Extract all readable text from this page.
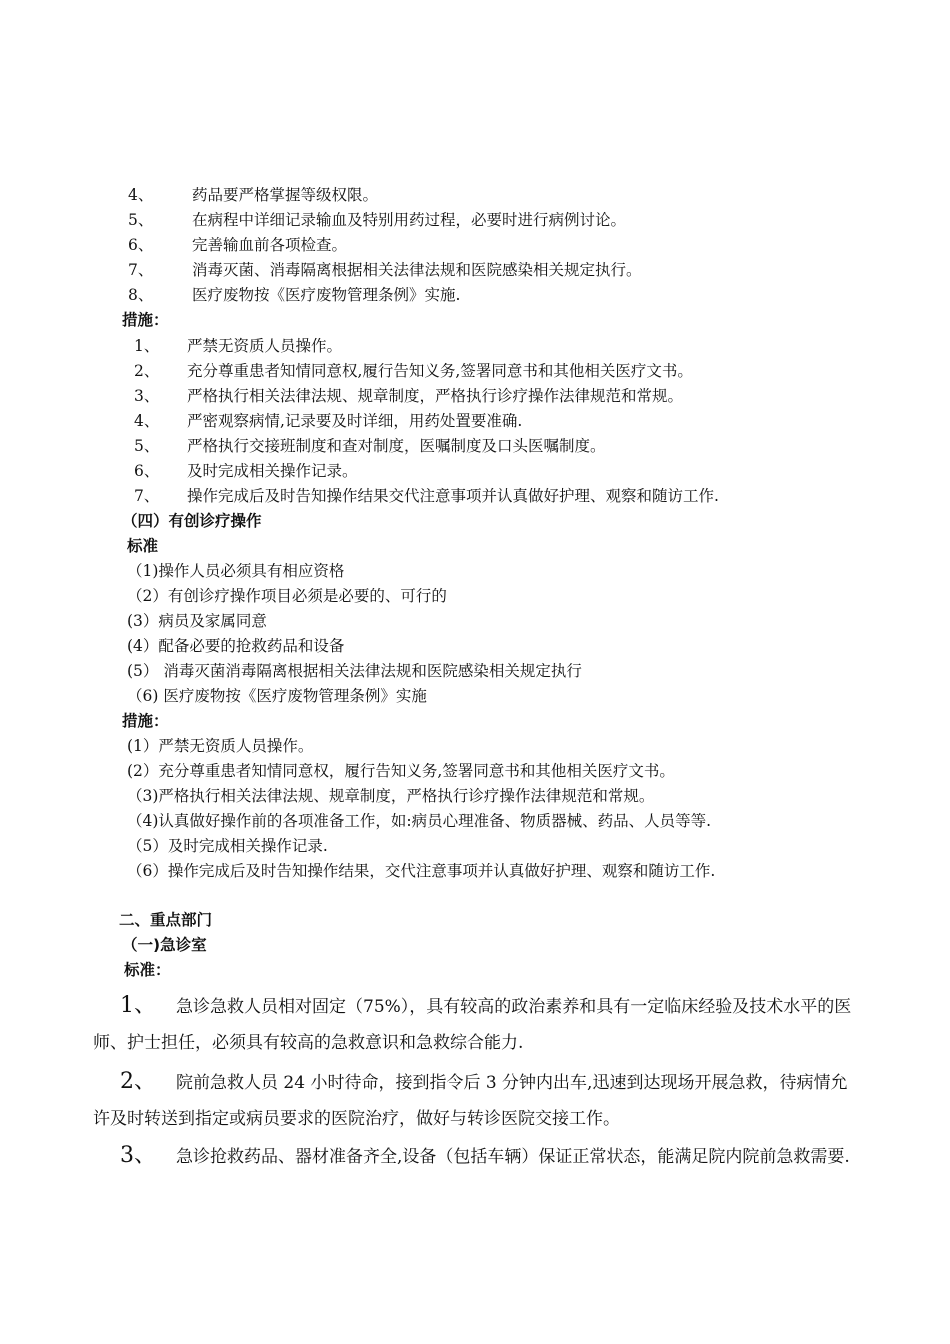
4、 药品要严格掌握等级权限。
5、 在病程中详细记录输血及特别用药过程，必要时进行病例讨论。
6、 完善输血前各项检查。
7、 消毒灭菌、消毒隔离根据相关法律法规和医院感染相关规定执行。
8、 医疗废物按《医疗废物管理条例》实施.
措施：
1、 严禁无资质人员操作。
2、 充分尊重患者知情同意权,履行告知义务,签署同意书和其他相关医疗文书。
3、 严格执行相关法律法规、规章制度，严格执行诊疗操作法律规范和常规。
4、 严密观察病情,记录要及时详细，用药处置要准确.
5、 严格执行交接班制度和查对制度，医嘱制度及口头医嘱制度。
6、 及时完成相关操作记录。
7、 操作完成后及时告知操作结果交代注意事项并认真做好护理、观察和随访工作.
（四）有创诊疗操作
标准
（1)操作人员必须具有相应资格
（2）有创诊疗操作项目必须是必要的、可行的
(3）病员及家属同意
(4）配备必要的抢救药品和设备
(5） 消毒灭菌消毒隔离根据相关法律法规和医院感染相关规定执行
（6) 医疗废物按《医疗废物管理条例》实施
措施：
(1）严禁无资质人员操作。
(2）充分尊重患者知情同意权，履行告知义务,签署同意书和其他相关医疗文书。
（3)严格执行相关法律法规、规章制度，严格执行诊疗操作法律规范和常规。
（4)认真做好操作前的各项准备工作，如:病员心理准备、物质器械、药品、人员等等.
（5）及时完成相关操作记录.
（6）操作完成后及时告知操作结果，交代注意事项并认真做好护理、观察和随访工作.
二、重点部门
（一)急诊室
标准：
1、 急诊急救人员相对固定（75%），具有较高的政治素养和具有一定临床经验及技术水平的医师、护士担任，必须具有较高的急救意识和急救综合能力.
2、 院前急救人员 24 小时待命，接到指令后 3 分钟内出车,迅速到达现场开展急救，待病情允许及时转送到指定或病员要求的医院治疗，做好与转诊医院交接工作。
3、 急诊抢救药品、器材准备齐全,设备（包括车辆）保证正常状态，能满足院内院前急救需要.
